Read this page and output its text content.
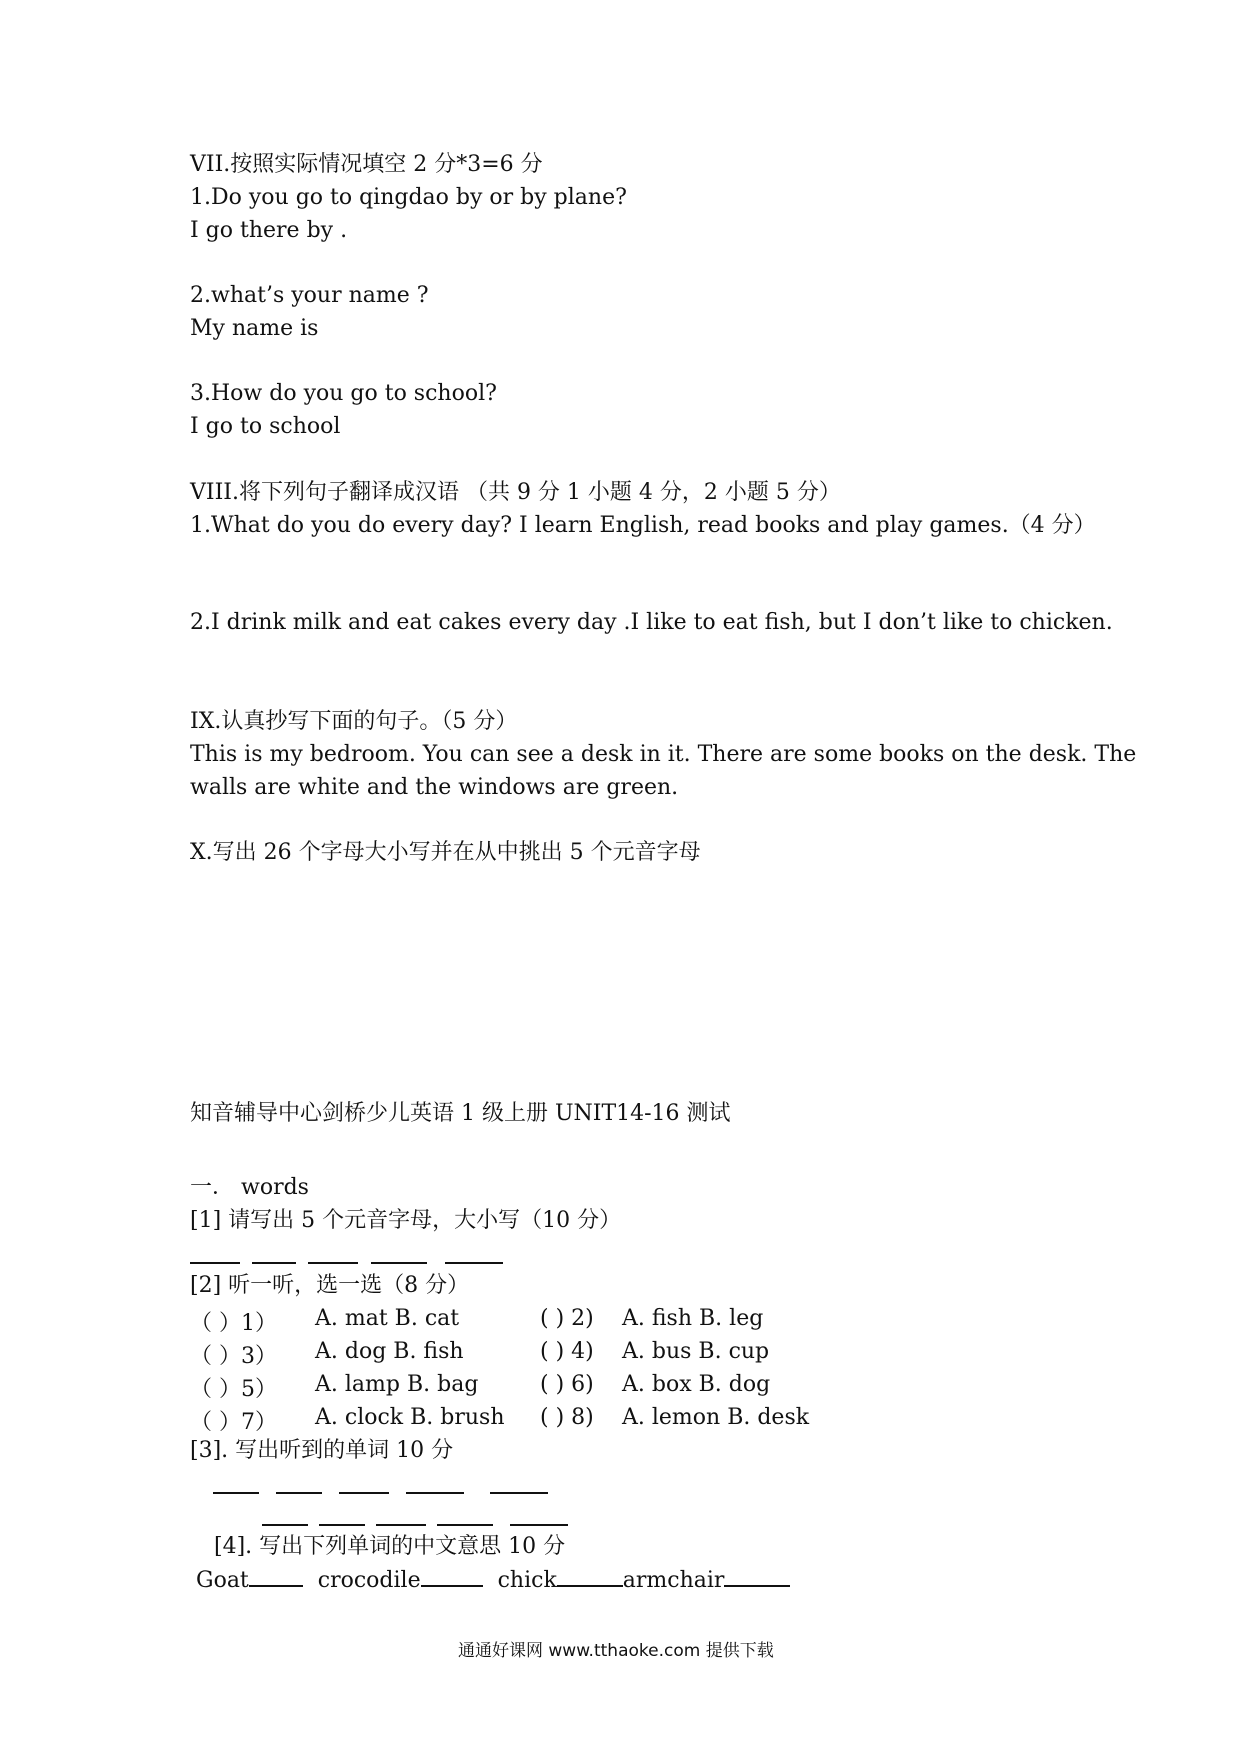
VII.按照实际情况填空 2 分*3=6 分
1.Do you go to qingdao by or by plane?
I go there by .
2.what’s your name ?
My name is
3.How do you go to school?
I go to school
VIII.将下列句子翻译成汉语 （共 9 分 1 小题 4 分，2 小题 5 分）
1.What do you do every day? I learn English, read books and play games.（4 分）
2.I drink milk and eat cakes every day .I like to eat fish, but I don’t like to chicken.
IX.认真抄写下面的句子。（5 分）
This is my bedroom. You can see a desk in it. There are some books on the desk. The
walls are white and the windows are green.
X.写出 26 个字母大小写并在从中挑出 5 个元音字母
知音辅导中心剑桥少儿英语 1 级上册 UNIT14-16 测试
一． words
[1] 请写出 5 个元音字母，大小写（10 分）
[2] 听一听，选一选（8 分）
（ ）1） A. mat B. cat	( ) 2) A. fish B. leg
（ ）3） A. dog B. fish	( ) 4) A. bus B. cup
（ ）5） A. lamp B. bag	( ) 6) A. box B. dog
（ ）7） A. clock B. brush ( ) 8) A. lemon B. desk
[3]. 写出听到的单词 10 分
[4]. 写出下列单词的中文意思 10 分
Goat	crocodile	chick	armchair
通通好课网 www.tthaoke.com 提供下载
